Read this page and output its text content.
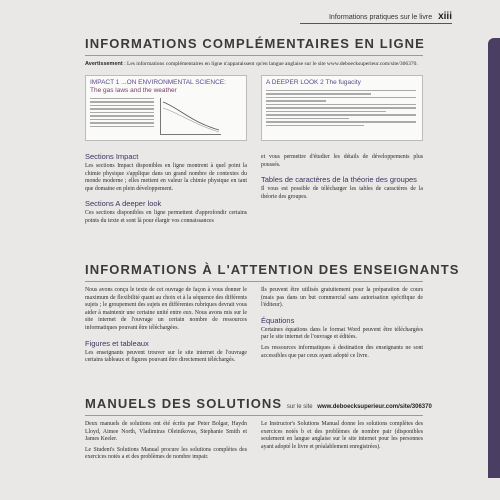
Informations pratiques sur le livre xiii
INFORMATIONS COMPLÉMENTAIRES EN LIGNE
Avertissement : Les informations complémentaires en ligne n'apparaissent qu'en langue anglaise sur le site www.deboecksuperieur.com/site/306370.
IMPACT 1 ...ON ENVIRONMENTAL SCIENCE:
The gas laws and the weather
A DEEPER LOOK 2 The fugacity
Sections Impact

Les sections Impact disponibles en ligne montrent à quel point la chimie physique s'applique dans un grand nombre de contextes du monde moderne ; elles mettent en valeur la chimie physique en tant que domaine en plein développement.

Sections A deeper look

Ces sections disponibles en ligne permettent d'approfondir certains points du texte et sont là pour élargir vos connaissances

et vous permettre d'étudier les détails de développements plus poussés.

Tables de caractères de la théorie des groupes

Il vous est possible de télécharger les tables de caractères de la théorie des groupes.

INFORMATIONS À L'ATTENTION DES ENSEIGNANTS

Nous avons conçu le texte de cet ouvrage de façon à vous donner le maximum de flexibilité quant au choix et à la séquence des différents sujets ; le groupement des sujets en différentes rubriques devrait vous aider à maintenir une certaine unité entre eux. Nous avons mis sur le site internet de l'ouvrage un certain nombre de ressources informatiques pouvant être téléchargées.

Figures et tableaux

Les enseignants peuvent trouver sur le site internet de l'ouvrage certains tableaux et figures pouvant être directement téléchargés.

Ils peuvent être utilisés gratuitement pour la préparation de cours (mais pas dans un but commercial sans autorisation spécifique de l'éditeur).

Équations

Certaines équations dans le format Word peuvent être téléchargées par le site internet de l'ouvrage et éditées.

Les ressources informatiques à destination des enseignants ne sont accessibles que par ceux ayant adopté ce livre.

MANUELS DES SOLUTIONS sur le site www.deboecksuperieur.com/site/306370

Deux manuels de solutions ont été écrits par Peter Bolgar, Haydn Lloyd, Aimee North, Vladimiras Oleinikovas, Stephanie Smith et James Keeler.

Le Student's Solutions Manual procure les solutions complètes des exercices notés a et des problèmes de nombre impair.

Le Instructor's Solutions Manual donne les solutions complètes des exercices notés b et des problèmes de nombre pair (disponibles seulement en langue anglaise sur le site internet pour les personnes ayant adopté le livre et préalablement enregistrées).
